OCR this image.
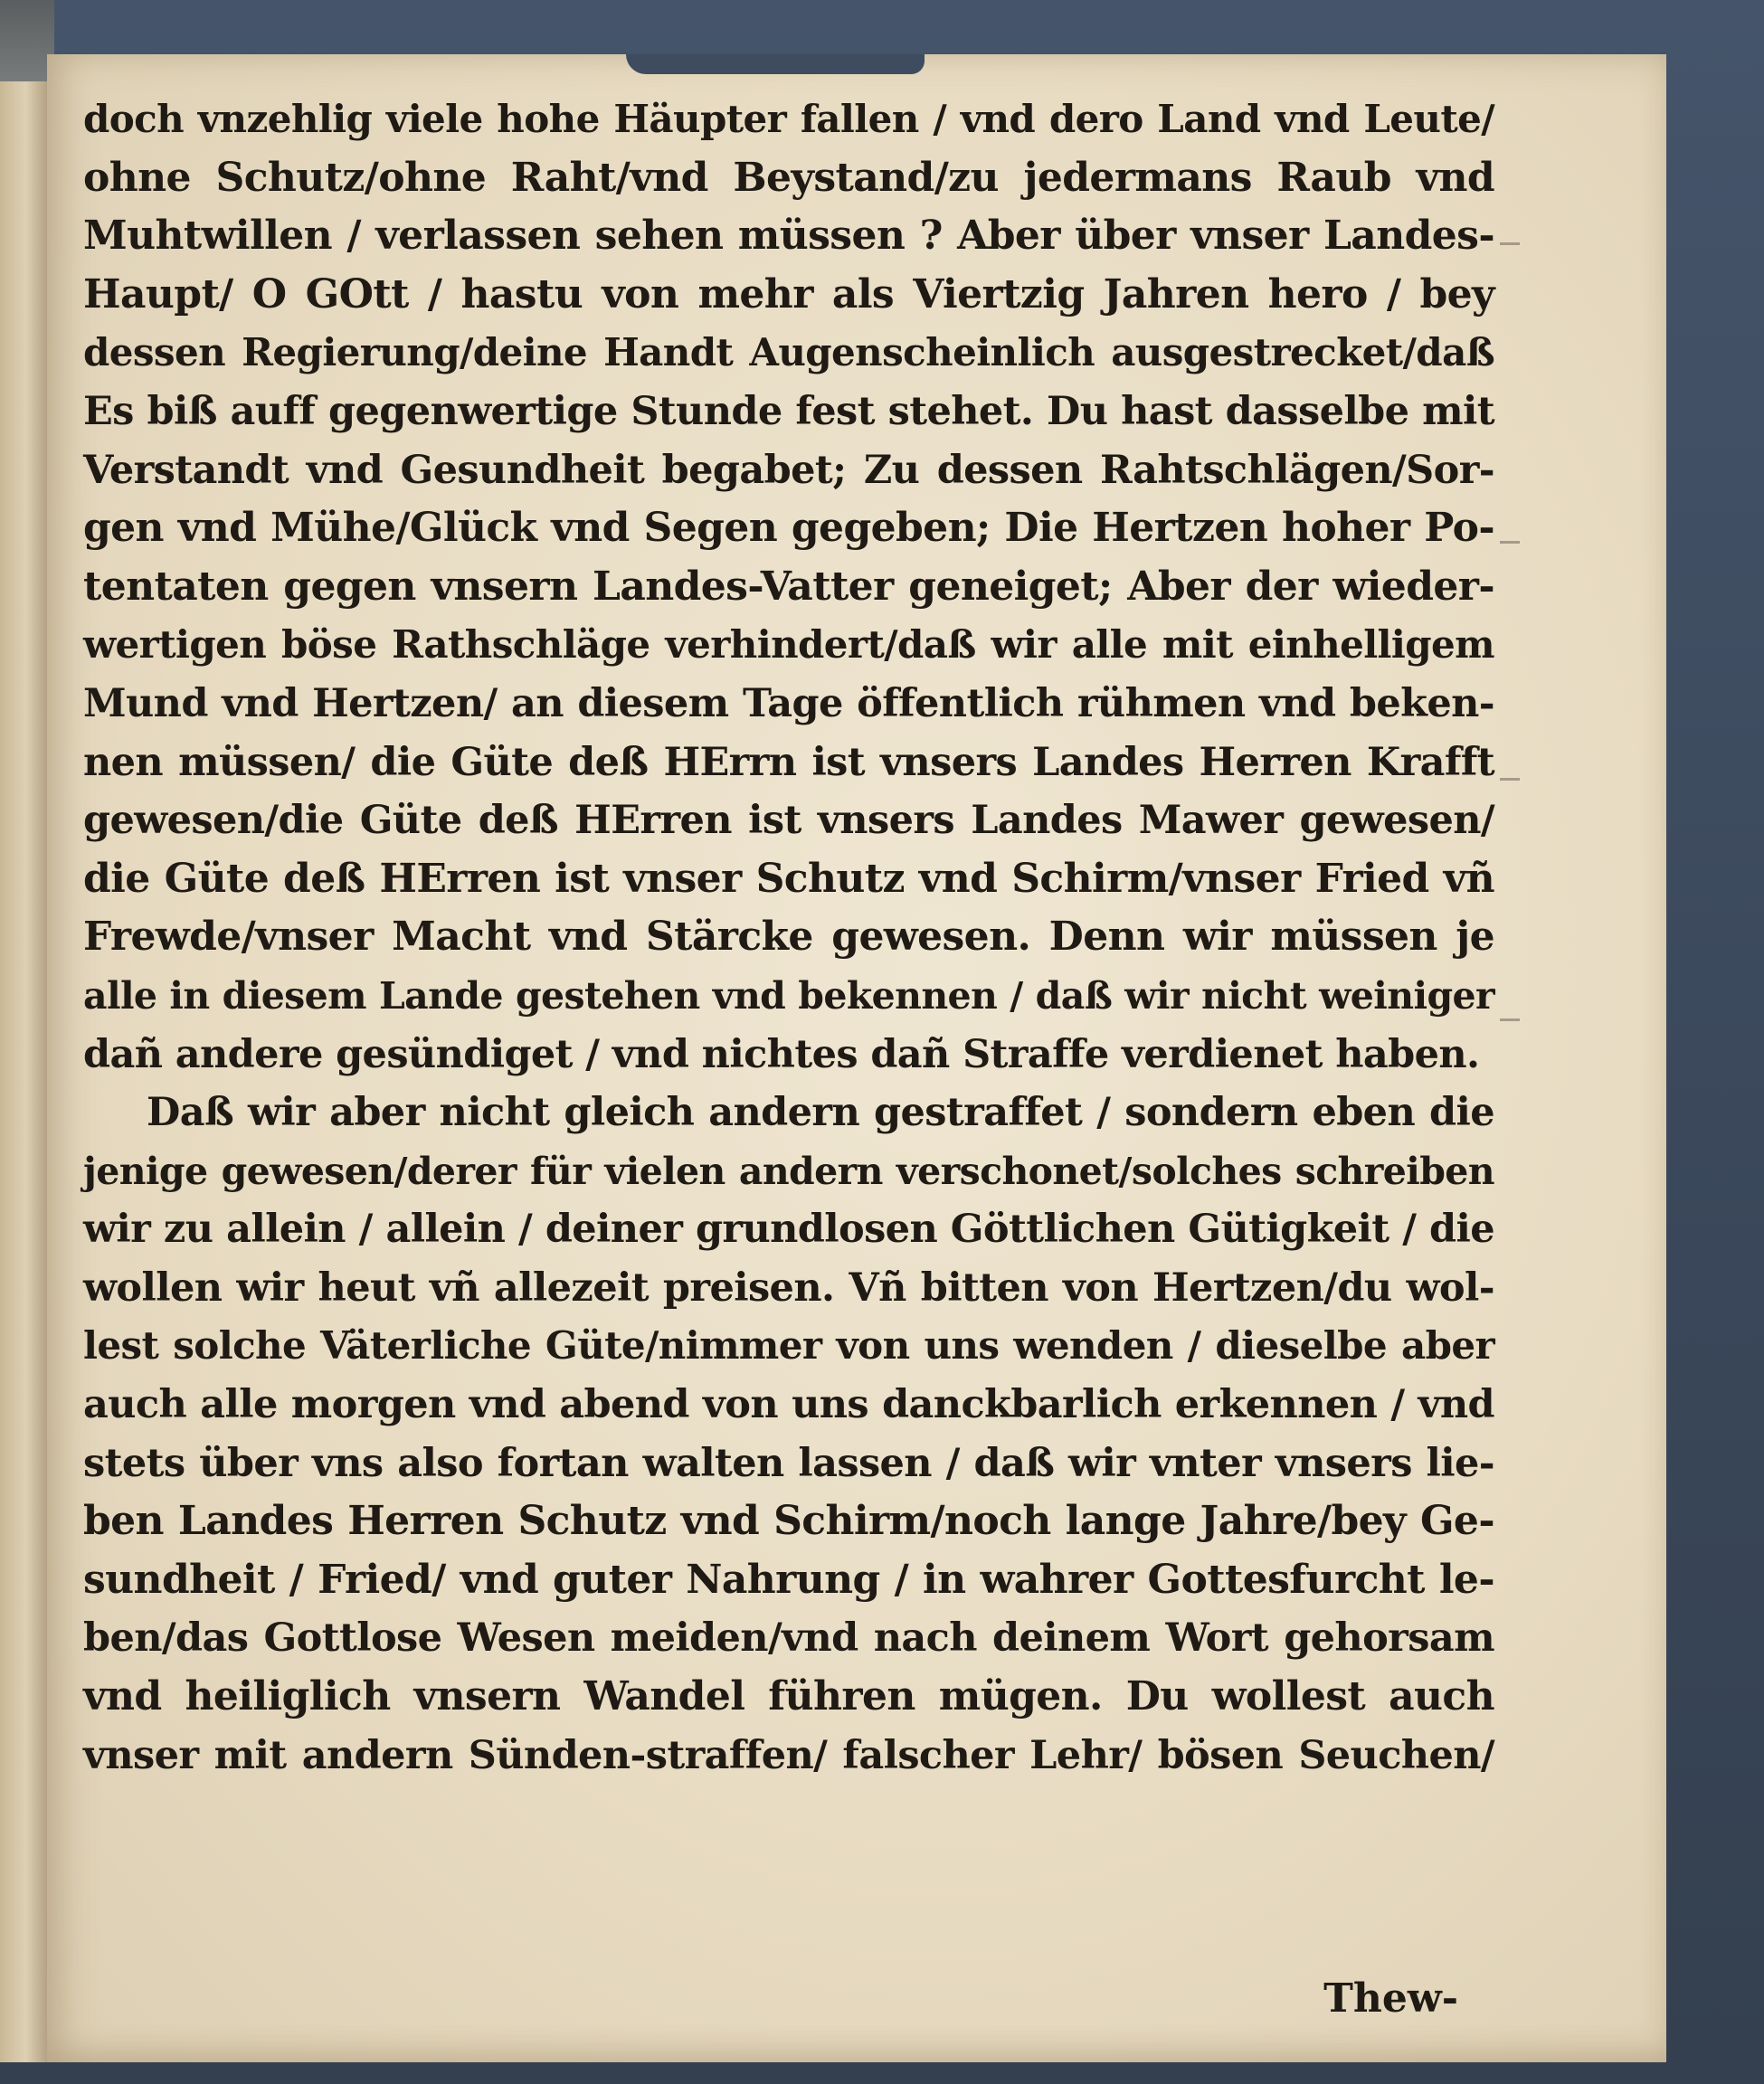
doch vnzehlig viele hohe Häupter fallen / vnd dero Land vnd Leute/
ohne Schutz/ohne Raht/vnd Beystand/zu jedermans Raub vnd
Muhtwillen / verlassen sehen müssen ? Aber über vnser Landes-
Haupt/ O GOtt / hastu von mehr als Viertzig Jahren hero / bey
dessen Regierung/deine Handt Augenscheinlich ausgestrecket/daß
Es biß auff gegenwertige Stunde fest stehet. Du hast dasselbe mit
Verstandt vnd Gesundheit begabet; Zu dessen Rahtschlägen/Sor-
gen vnd Mühe/Glück vnd Segen gegeben; Die Hertzen hoher Po-
tentaten gegen vnsern Landes-Vatter geneiget; Aber der wieder-
wertigen böse Rathschläge verhindert/daß wir alle mit einhelligem
Mund vnd Hertzen/ an diesem Tage öffentlich rühmen vnd beken-
nen müssen/ die Güte deß HErrn ist vnsers Landes Herren Krafft
gewesen/die Güte deß HErren ist vnsers Landes Mawer gewesen/
die Güte deß HErren ist vnser Schutz vnd Schirm/vnser Fried vñ
Frewde/vnser Macht vnd Stärcke gewesen. Denn wir müssen je
alle in diesem Lande gestehen vnd bekennen / daß wir nicht weiniger
dañ andere gesündiget / vnd nichtes dañ Straffe verdienet haben.
Daß wir aber nicht gleich andern gestraffet / sondern eben die
jenige gewesen/derer für vielen andern verschonet/solches schreiben
wir zu allein / allein / deiner grundlosen Göttlichen Gütigkeit / die
wollen wir heut vñ allezeit preisen. Vñ bitten von Hertzen/du wol-
lest solche Väterliche Güte/nimmer von uns wenden / dieselbe aber
auch alle morgen vnd abend von uns danckbarlich erkennen / vnd
stets über vns also fortan walten lassen / daß wir vnter vnsers lie-
ben Landes Herren Schutz vnd Schirm/noch lange Jahre/bey Ge-
sundheit / Fried/ vnd guter Nahrung / in wahrer Gottesfurcht le-
ben/das Gottlose Wesen meiden/vnd nach deinem Wort gehorsam
vnd heiliglich vnsern Wandel führen mügen. Du wollest auch
vnser mit andern Sünden-straffen/ falscher Lehr/ bösen Seuchen/
Thew-
